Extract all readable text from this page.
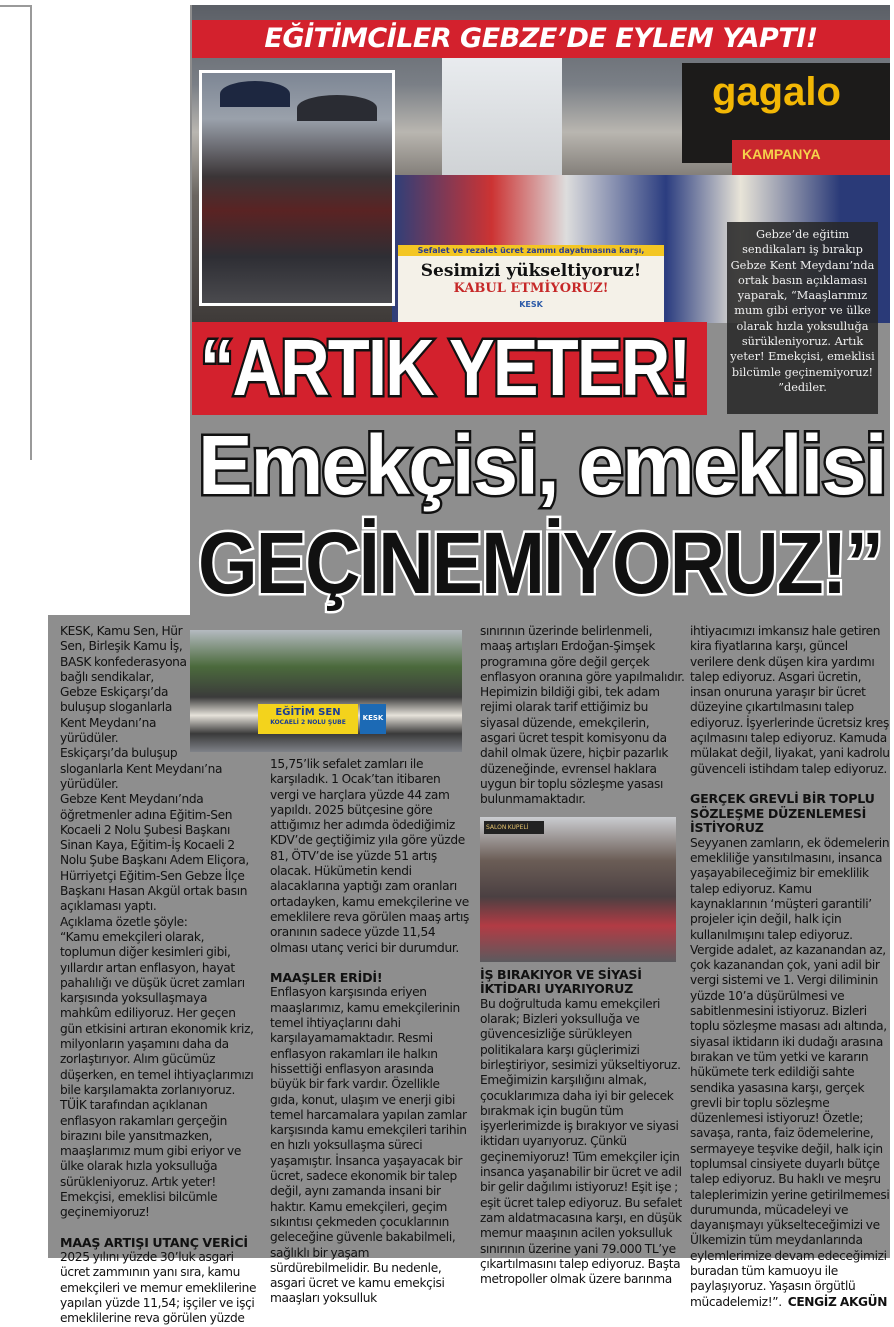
gagalo
KAMPANYA
Sefalet ve rezalet ücret zammı dayatmasına karşı,
Sesimizi yükseltiyoruz!
KABUL ETMİYORUZ!
KESK
EĞİTİMCİLER GEBZE’DE EYLEM YAPTI!
Gebze’de eğitim sendikaları iş bırakıp Gebze Kent Meydanı’nda ortak basın açıklaması yaparak, “Maaşlarımız mum gibi eriyor ve ülke olarak hızla yoksulluğa sürükleniyoruz. Artık yeter! Emekçisi, emeklisi bilcümle geçinemiyoruz! ”dediler.
“ARTIK YETER!
Emekçisi, emeklisi
GEÇİNEMİYORUZ!”
EĞİTİM SEN
KOCAELİ 2 NOLU ŞUBE
KESK

KESK, Kamu Sen, Hür Sen, Birleşik Kamu İş, BASK konfederasyona bağlı sendikalar, Gebze Eskiçarşı’da buluşup sloganlarla Kent Meydanı’na yürüdüler. Eskiçarşı’da buluşup sloganlarla Kent Meydanı’na yürüdüler.

Gebze Kent Meydanı’nda öğretmenler adına Eğitim-Sen Kocaeli 2 Nolu Şubesi Başkanı Sinan Kaya, Eğitim-İş Kocaeli 2 Nolu Şube Başkanı Adem Eliçora, Hürriyetçi Eğitim-Sen Gebze İlçe Başkanı Hasan Akgül ortak basın açıklaması yaptı.

Açıklama özetle şöyle:

“Kamu emekçileri olarak, toplumun diğer kesimleri gibi, yıllardır artan enflasyon, hayat pahalılığı ve düşük ücret zamları karşısında yoksullaşmaya mahkûm ediliyoruz. Her geçen gün etkisini artıran ekonomik kriz, milyonların yaşamını daha da zorlaştırıyor. Alım gücümüz düşerken, en temel ihtiyaçlarımızı bile karşılamakta zorlanıyoruz. TÜİK tarafından açıklanan enflasyon rakamları gerçeğin birazını bile yansıtmazken, maaşlarımız mum gibi eriyor ve ülke olarak hızla yoksulluğa sürükleniyoruz. Artık yeter! Emekçisi, emeklisi bilcümle geçinemiyoruz!

MAAŞ ARTIŞI UTANÇ VERİCİ

2025 yılını yüzde 30’luk asgari ücret zammının yanı sıra, kamu emekçileri ve memur emeklilerine yapılan yüzde 11,54; işçiler ve işçi emeklilerine reva görülen yüzde

15,75’lik sefalet zamları ile karşıladık. 1 Ocak’tan itibaren vergi ve harçlara yüzde 44 zam yapıldı. 2025 bütçesine göre attığımız her adımda ödediğimiz KDV’de geçtiğimiz yıla göre yüzde 81, ÖTV’de ise yüzde 51 artış olacak. Hükümetin kendi alacaklarına yaptığı zam oranları ortadayken, kamu emekçilerine ve emeklilere reva görülen maaş artış oranının sadece yüzde 11,54 olması utanç verici bir durumdur.

MAAŞLER ERİDİ!

Enflasyon karşısında eriyen maaşlarımız, kamu emekçilerinin temel ihtiyaçlarını dahi karşılayamamaktadır. Resmi enflasyon rakamları ile halkın hissettiği enflasyon arasında büyük bir fark vardır. Özellikle gıda, konut, ulaşım ve enerji gibi temel harcamalara yapılan zamlar karşısında kamu emekçileri tarihin en hızlı yoksullaşma süreci yaşamıştır. İnsanca yaşayacak bir ücret, sadece ekonomik bir talep değil, aynı zamanda insani bir haktır. Kamu emekçileri, geçim sıkıntısı çekmeden çocuklarının geleceğine güvenle bakabilmeli, sağlıklı bir yaşam sürdürebilmelidir. Bu nedenle, asgari ücret ve kamu emekçisi maaşları yoksulluk

sınırının üzerinde belirlenmeli, maaş artışları Erdoğan-Şimşek programına göre değil gerçek enflasyon oranına göre yapılmalıdır. Hepimizin bildiği gibi, tek adam rejimi olarak tarif ettiğimiz bu siyasal düzende, emekçilerin, asgari ücret tespit komisyonu da dahil olmak üzere, hiçbir pazarlık düzeneğinde, evrensel haklara uygun bir toplu sözleşme yasası bulunmamaktadır.

SALON KUPELİ
İŞ BIRAKIYOR VE SİYASİ İKTİDARI UYARIYORUZ

Bu doğrultuda kamu emekçileri olarak; Bizleri yoksulluğa ve güvencesizliğe sürükleyen politikalara karşı güçlerimizi birleştiriyor, sesimizi yükseltiyoruz. Emeğimizin karşılığını almak, çocuklarımıza daha iyi bir gelecek bırakmak için bugün tüm işyerlerimizde iş bırakıyor ve siyasi iktidarı uyarıyoruz. Çünkü geçinemiyoruz! Tüm emekçiler için insanca yaşanabilir bir ücret ve adil bir gelir dağılımı istiyoruz! Eşit işe ; eşit ücret talep ediyoruz. Bu sefalet zam aldatmacasına karşı, en düşük memur maaşının acilen yoksulluk sınırının üzerine yani 79.000 TL’ye çıkartılmasını talep ediyoruz. Başta metropoller olmak üzere barınma

ihtiyacımızı imkansız hale getiren kira fiyatlarına karşı, güncel verilere denk düşen kira yardımı talep ediyoruz. Asgari ücretin, insan onuruna yaraşır bir ücret düzeyine çıkartılmasını talep ediyoruz. İşyerlerinde ücretsiz kreş açılmasını talep ediyoruz. Kamuda mülakat değil, liyakat, yani kadrolu güvenceli istihdam talep ediyoruz.

GERÇEK GREVLİ BİR TOPLU SÖZLEŞME DÜZENLEMESİ İSTİYORUZ

Seyyanen zamların, ek ödemelerin emekliliğe yansıtılmasını, insanca yaşayabileceğimiz bir emeklilik talep ediyoruz. Kamu kaynaklarının ‘müşteri garantili’ projeler için değil, halk için kullanılmışını talep ediyoruz. Vergide adalet, az kazanandan az, çok kazanandan çok, yani adil bir vergi sistemi ve 1. Vergi diliminin yüzde 10’a düşürülmesi ve sabitlenmesini istiyoruz. Bizleri toplu sözleşme masası adı altında, siyasal iktidarın iki dudağı arasına bırakan ve tüm yetki ve kararın hükümete terk edildiği sahte sendika yasasına karşı, gerçek grevli bir toplu sözleşme düzenlemesi istiyoruz! Özetle; savaşa, ranta, faiz ödemelerine, sermayeye teşvike değil, halk için toplumsal cinsiyete duyarlı bütçe talep ediyoruz. Bu haklı ve meşru taleplerimizin yerine getirilmemesi durumunda, mücadeleyi ve dayanışmayı yükselteceğimizi ve Ülkemizin tüm meydanlarında eylemlerimize devam edeceğimizi buradan tüm kamuoyu ile paylaşıyoruz. Yaşasın örgütlü mücadelemiz!”. CENGİZ AKGÜN
